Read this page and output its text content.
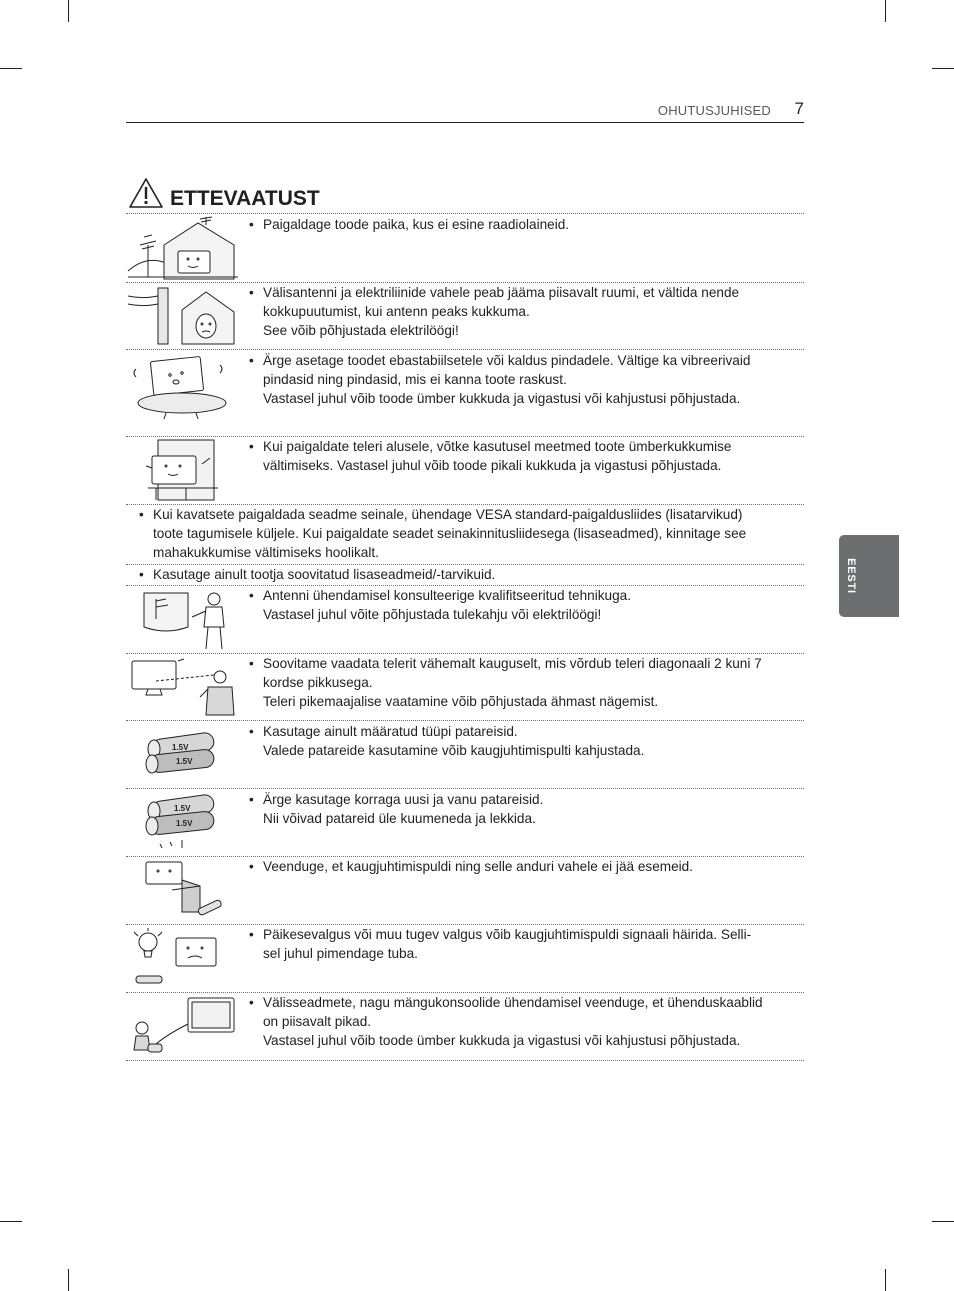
OHUTUSJUHISED 7
EESTI
ETTEVAATUST
1.5V
1.5V
1.5V
1.5V
• Paigaldage toode paika, kus ei esine raadiolaineid.
• Välisantenni ja elektriliinide vahele peab jääma piisavalt ruumi, et vältida nende
kokkupuutumist, kui antenn peaks kukkuma.
See võib põhjustada elektrilöögi!
• Ärge asetage toodet ebastabiilsetele või kaldus pindadele. Vältige ka vibreerivaid
pindasid ning pindasid, mis ei kanna toote raskust.
Vastasel juhul võib toode ümber kukkuda ja vigastusi või kahjustusi põhjustada.
• Kui paigaldate teleri alusele, võtke kasutusel meetmed toote ümberkukkumise
vältimiseks. Vastasel juhul võib toode pikali kukkuda ja vigastusi põhjustada.
• Kui kavatsete paigaldada seadme seinale, ühendage VESA standard-paigaldusliides (lisatarvikud)
toote tagumisele küljele. Kui paigaldate seadet seinakinnitusliidesega (lisaseadmed), kinnitage see
mahakukkumise vältimiseks hoolikalt.
• Kasutage ainult tootja soovitatud lisaseadmeid/-tarvikuid.
• Antenni ühendamisel konsulteerige kvalifitseeritud tehnikuga.
Vastasel juhul võite põhjustada tulekahju või elektrilöögi!
• Soovitame vaadata telerit vähemalt kauguselt, mis võrdub teleri diagonaali 2 kuni 7
kordse pikkusega.
Teleri pikemaajalise vaatamine võib põhjustada ähmast nägemist.
• Kasutage ainult määratud tüüpi patareisid.
Valede patareide kasutamine võib kaugjuhtimispulti kahjustada.
• Ärge kasutage korraga uusi ja vanu patareisid.
Nii võivad patareid üle kuumeneda ja lekkida.
• Veenduge, et kaugjuhtimispuldi ning selle anduri vahele ei jää esemeid.
• Päikesevalgus või muu tugev valgus võib kaugjuhtimispuldi signaali häirida. Selli-
sel juhul pimendage tuba.
• Välisseadmete, nagu mängukonsoolide ühendamisel veenduge, et ühenduskaablid
on piisavalt pikad.
Vastasel juhul võib toode ümber kukkuda ja vigastusi või kahjustusi põhjustada.
